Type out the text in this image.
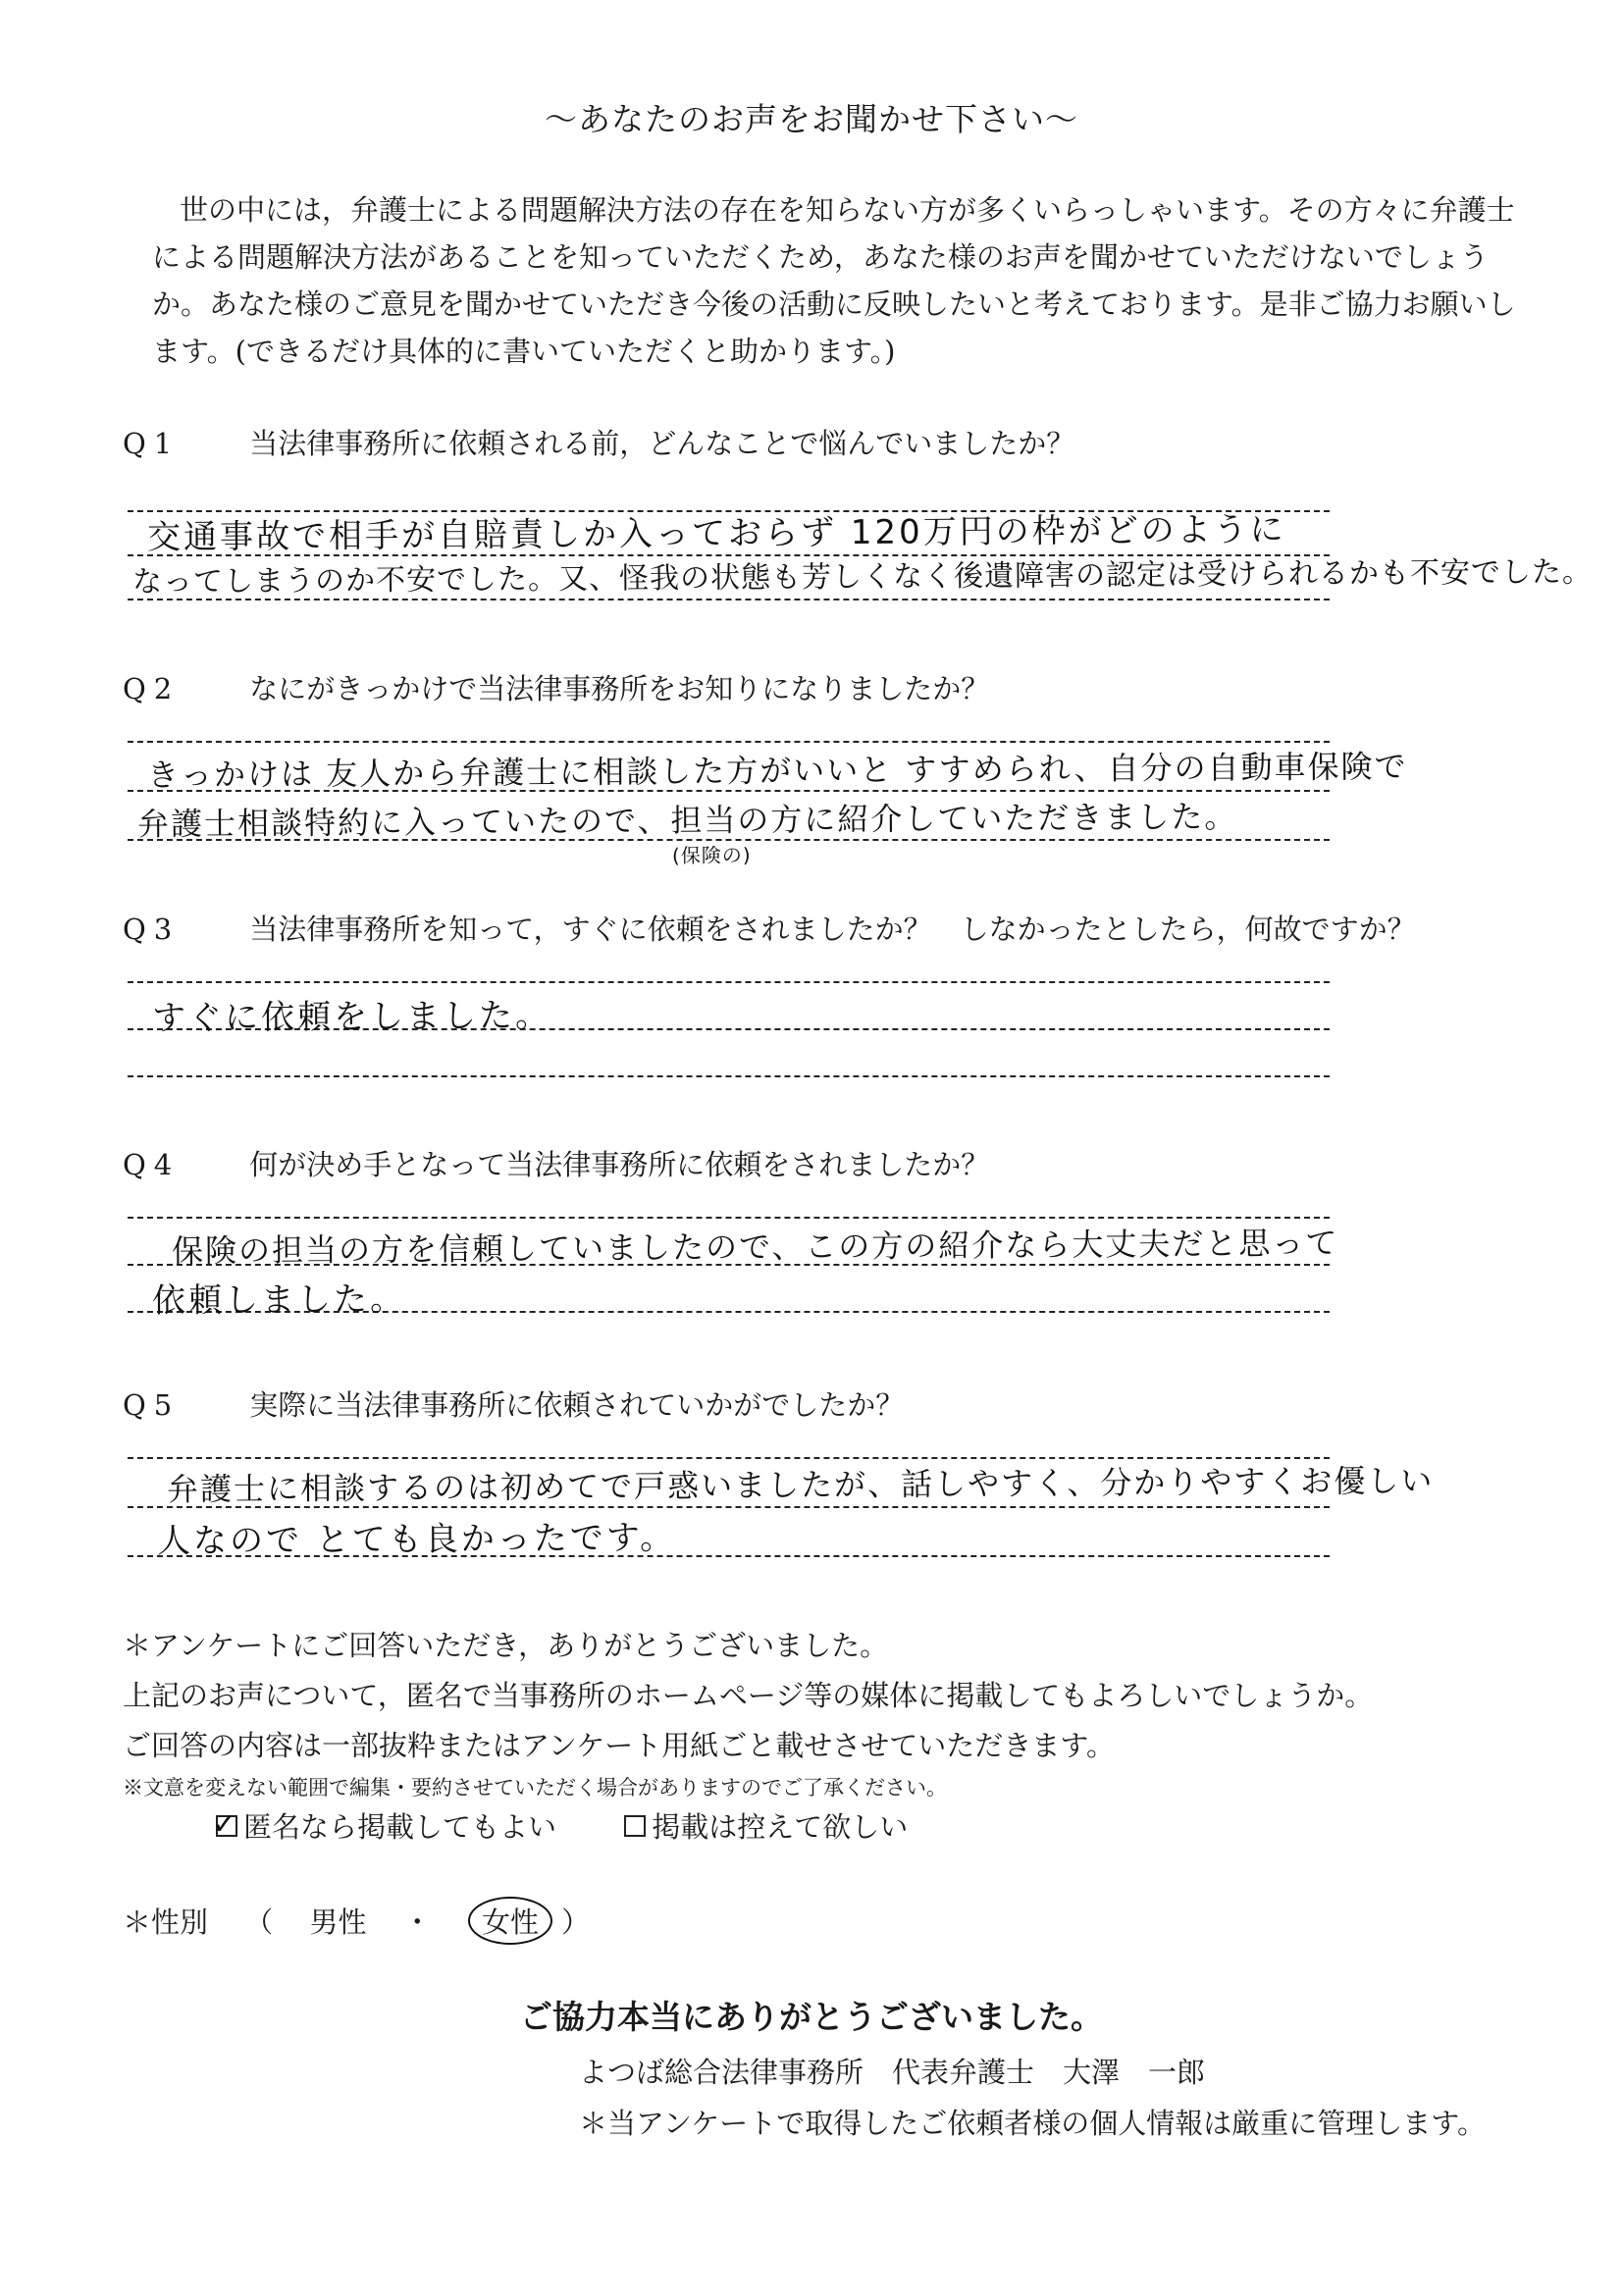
～あなたのお声をお聞かせ下さい～

世の中には，弁護士による問題解決方法の存在を知らない方が多くいらっしゃいます。その方々に弁護士

による問題解決方法があることを知っていただくため，あなた様のお声を聞かせていただけないでしょう

か。あなた様のご意見を聞かせていただき今後の活動に反映したいと考えております。是非ご協力お願いし

ます。(できるだけ具体的に書いていただくと助かります。)

Q1 当法律事務所に依頼される前，どんなことで悩んでいましたか？
交通事故で相手が自賠責しか入っておらず 120万円の枠がどのように
なってしまうのか不安でした。又、怪我の状態も芳しくなく後遺障害の認定は受けられるかも不安でした。
Q2 なにがきっかけで当法律事務所をお知りになりましたか？
きっかけは 友人から弁護士に相談した方がいいと すすめられ、自分の自動車保険で
弁護士相談特約に入っていたので、担当の方に紹介していただきました。
(保険の)
Q3 当法律事務所を知って，すぐに依頼をされましたか？　しなかったとしたら，何故ですか？
すぐに依頼をしました。
Q4 何が決め手となって当法律事務所に依頼をされましたか？
保険の担当の方を信頼していましたので、この方の紹介なら大丈夫だと思って
依頼しました。
Q5 実際に当法律事務所に依頼されていかがでしたか？
弁護士に相談するのは初めてで戸惑いましたが、話しやすく、分かりやすくお優しい
人なので とても良かったです。
＊アンケートにご回答いただき，ありがとうございました。
上記のお声について，匿名で当事務所のホームページ等の媒体に掲載してもよろしいでしょうか。
ご回答の内容は一部抜粋またはアンケート用紙ごと載せさせていただきます。
※文意を変えない範囲で編集・要約させていただく場合がありますのでご了承ください。
✓ 匿名なら掲載してもよい
	掲載は控えて欲しい
＊性別 （ 男性 ・ 女性 ）
ご協力本当にありがとうございました。
よつば総合法律事務所　代表弁護士　大澤　一郎
＊当アンケートで取得したご依頼者様の個人情報は厳重に管理します。
